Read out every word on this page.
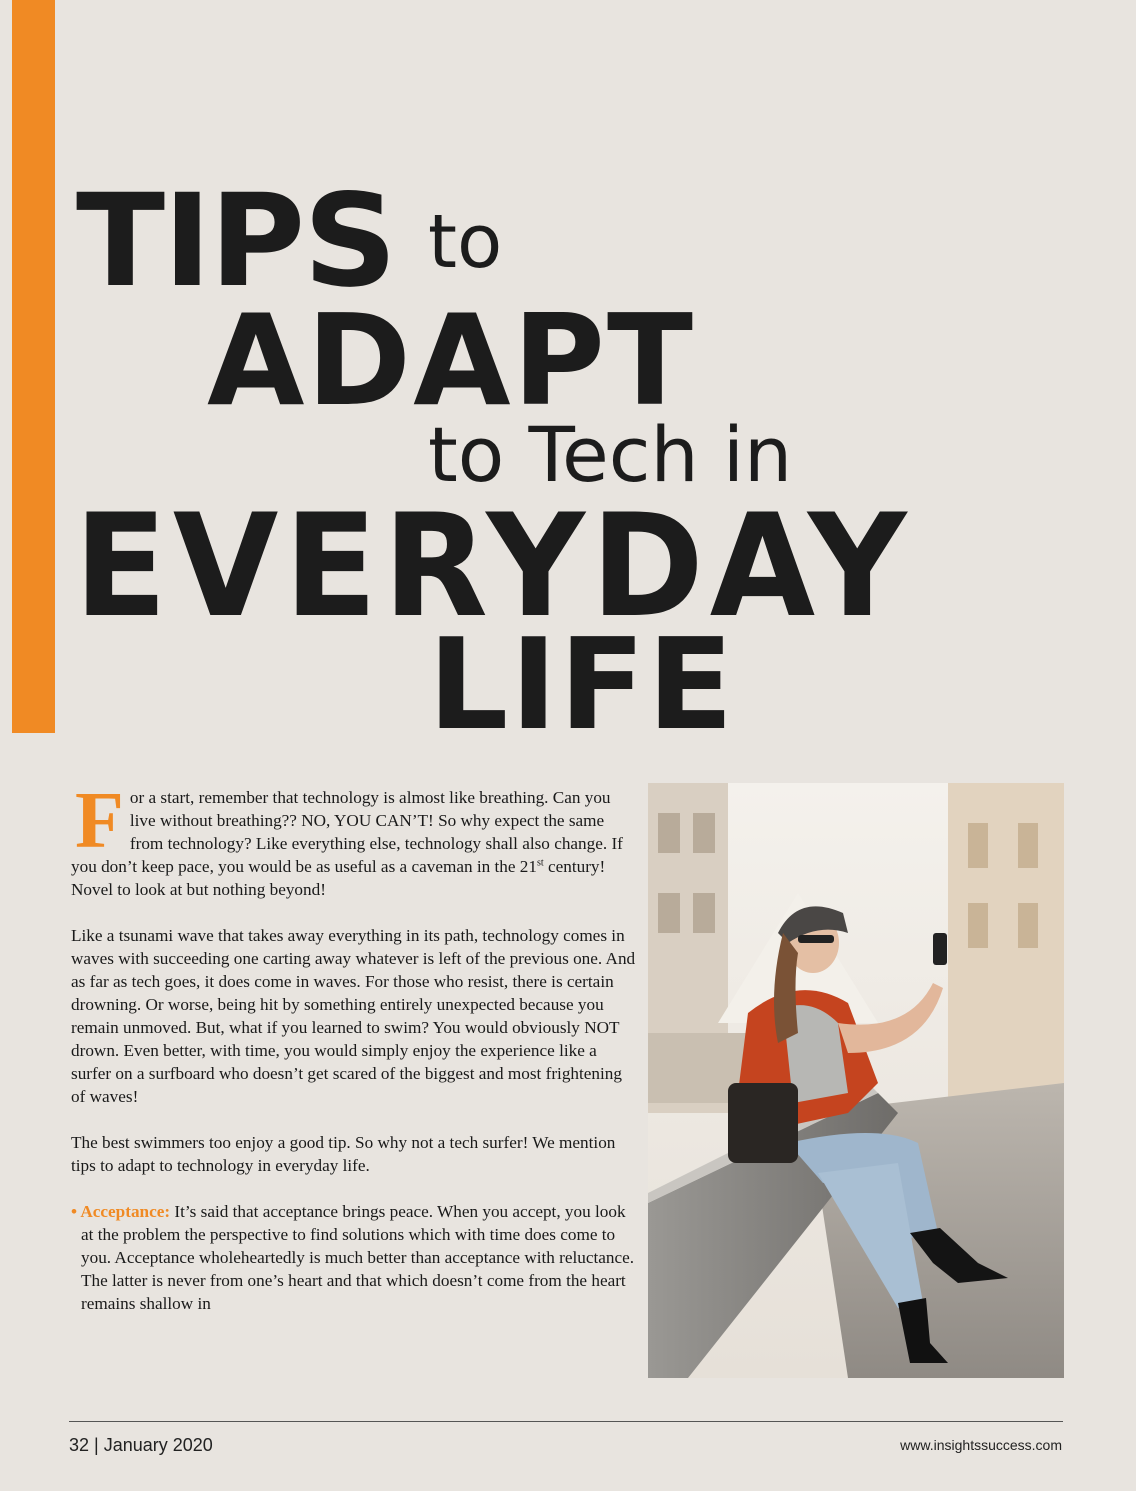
TIPS to
ADAPT
to Tech in
EVERYDAY
LIFE

For a start, remember that technology is almost like breathing. Can you live without breathing?? NO, YOU CAN’T! So why expect the same from technology? Like everything else, technology shall also change. If you don’t keep pace, you would be as useful as a caveman in the 21st century! Novel to look at but nothing beyond!

Like a tsunami wave that takes away everything in its path, technology comes in waves with succeeding one carting away whatever is left of the previous one. And as far as tech goes, it does come in waves. For those who resist, there is certain drowning. Or worse, being hit by something entirely unexpected because you remain unmoved. But, what if you learned to swim? You would obviously NOT drown. Even better, with time, you would simply enjoy the experience like a surfer on a surfboard who doesn’t get scared of the biggest and most frightening of waves!

The best swimmers too enjoy a good tip. So why not a tech surfer! We mention tips to adapt to technology in everyday life.

• Acceptance: It’s said that acceptance brings peace. When you accept, you look at the problem the perspective to find solutions which with time does come to you. Acceptance wholeheartedly is much better than acceptance with reluctance. The latter is never from one’s heart and that which doesn’t come from the heart remains shallow in

32 | January 2020	www.insightssuccess.com
